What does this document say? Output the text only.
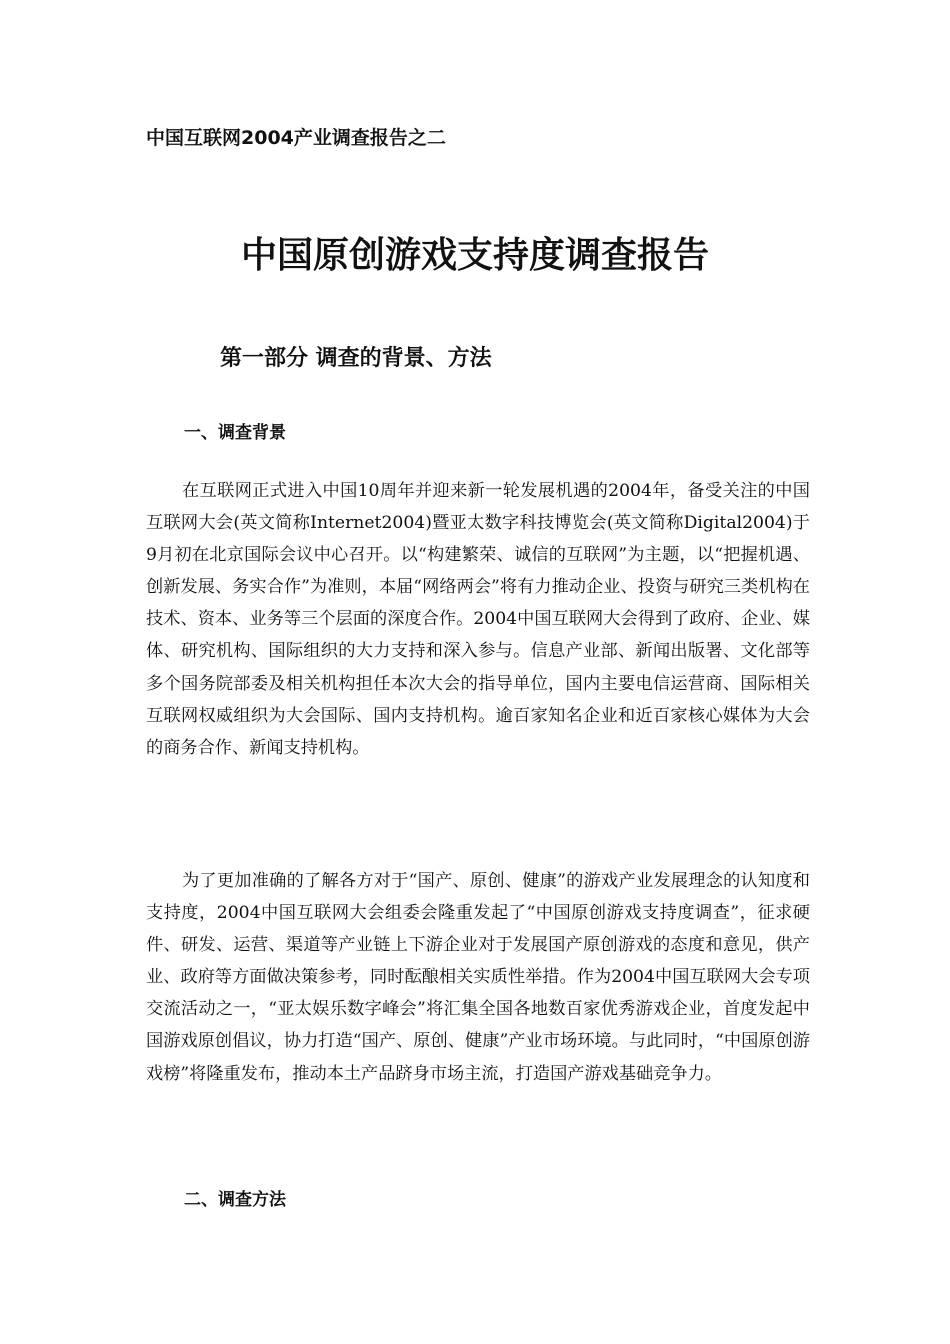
中国互联网2004产业调查报告之二
中国原创游戏支持度调查报告
第一部分 调查的背景、方法
一、调查背景

在互联网正式进入中国10周年并迎来新一轮发展机遇的2004年，备受关注的中国互联网大会(英文简称Internet2004)暨亚太数字科技博览会(英文简称Digital2004)于9月初在北京国际会议中心召开。以“构建繁荣、诚信的互联网”为主题，以“把握机遇、创新发展、务实合作”为准则，本届“网络两会”将有力推动企业、投资与研究三类机构在技术、资本、业务等三个层面的深度合作。2004中国互联网大会得到了政府、企业、媒体、研究机构、国际组织的大力支持和深入参与。信息产业部、新闻出版署、文化部等多个国务院部委及相关机构担任本次大会的指导单位，国内主要电信运营商、国际相关互联网权威组织为大会国际、国内支持机构。逾百家知名企业和近百家核心媒体为大会的商务合作、新闻支持机构。

为了更加准确的了解各方对于“国产、原创、健康”的游戏产业发展理念的认知度和支持度，2004中国互联网大会组委会隆重发起了“中国原创游戏支持度调查”，征求硬件、研发、运营、渠道等产业链上下游企业对于发展国产原创游戏的态度和意见，供产业、政府等方面做决策参考，同时酝酿相关实质性举措。作为2004中国互联网大会专项交流活动之一，“亚太娱乐数字峰会”将汇集全国各地数百家优秀游戏企业，首度发起中国游戏原创倡议，协力打造“国产、原创、健康”产业市场环境。与此同时，“中国原创游戏榜”将隆重发布，推动本土产品跻身市场主流，打造国产游戏基础竞争力。

二、调查方法
